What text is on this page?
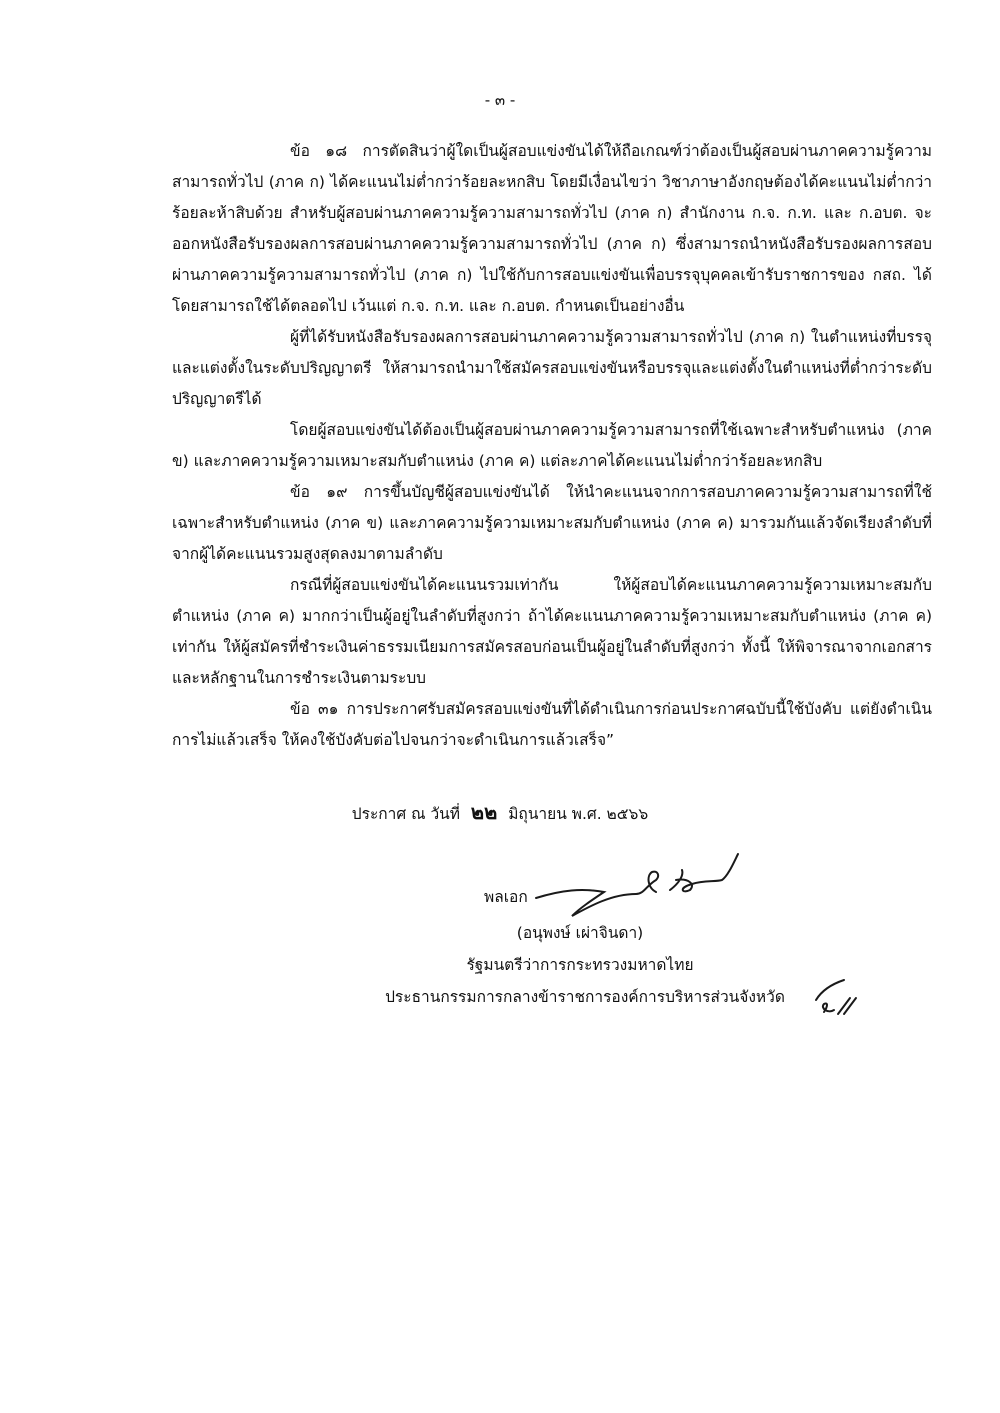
- ๓ -

ข้อ ๑๘ การตัดสินว่าผู้ใดเป็นผู้สอบแข่งขันได้ให้ถือเกณฑ์ว่าต้องเป็นผู้สอบผ่านภาคความรู้ความสามารถทั่วไป (ภาค ก) ได้คะแนนไม่ต่ำกว่าร้อยละหกสิบ โดยมีเงื่อนไขว่า วิชาภาษาอังกฤษต้องได้คะแนนไม่ต่ำกว่าร้อยละห้าสิบด้วย สำหรับผู้สอบผ่านภาคความรู้ความสามารถทั่วไป (ภาค ก) สำนักงาน ก.จ. ก.ท. และ ก.อบต. จะออกหนังสือรับรองผลการสอบผ่านภาคความรู้ความสามารถทั่วไป (ภาค ก) ซึ่งสามารถนำหนังสือรับรองผลการสอบผ่านภาคความรู้ความสามารถทั่วไป (ภาค ก) ไปใช้กับการสอบแข่งขันเพื่อบรรจุบุคคลเข้ารับราชการของ กสถ. ได้ โดยสามารถใช้ได้ตลอดไป เว้นแต่ ก.จ. ก.ท. และ ก.อบต. กำหนดเป็นอย่างอื่น

ผู้ที่ได้รับหนังสือรับรองผลการสอบผ่านภาคความรู้ความสามารถทั่วไป (ภาค ก) ในตำแหน่งที่บรรจุและแต่งตั้งในระดับปริญญาตรี ให้สามารถนำมาใช้สมัครสอบแข่งขันหรือบรรจุและแต่งตั้งในตำแหน่งที่ต่ำกว่าระดับปริญญาตรีได้

โดยผู้สอบแข่งขันได้ต้องเป็นผู้สอบผ่านภาคความรู้ความสามารถที่ใช้เฉพาะสำหรับตำแหน่ง (ภาค ข) และภาคความรู้ความเหมาะสมกับตำแหน่ง (ภาค ค) แต่ละภาคได้คะแนนไม่ต่ำกว่าร้อยละหกสิบ

ข้อ ๑๙ การขึ้นบัญชีผู้สอบแข่งขันได้ ให้นำคะแนนจากการสอบภาคความรู้ความสามารถที่ใช้เฉพาะสำหรับตำแหน่ง (ภาค ข) และภาคความรู้ความเหมาะสมกับตำแหน่ง (ภาค ค) มารวมกันแล้วจัดเรียงลำดับที่จากผู้ได้คะแนนรวมสูงสุดลงมาตามลำดับ

กรณีที่ผู้สอบแข่งขันได้คะแนนรวมเท่ากัน ให้ผู้สอบได้คะแนนภาคความรู้ความเหมาะสมกับตำแหน่ง (ภาค ค) มากกว่าเป็นผู้อยู่ในลำดับที่สูงกว่า ถ้าได้คะแนนภาคความรู้ความเหมาะสมกับตำแหน่ง (ภาค ค) เท่ากัน ให้ผู้สมัครที่ชำระเงินค่าธรรมเนียมการสมัครสอบก่อนเป็นผู้อยู่ในลำดับที่สูงกว่า ทั้งนี้ ให้พิจารณาจากเอกสารและหลักฐานในการชำระเงินตามระบบ

ข้อ ๓๑ การประกาศรับสมัครสอบแข่งขันที่ได้ดำเนินการก่อนประกาศฉบับนี้ใช้บังคับ แต่ยังดำเนินการไม่แล้วเสร็จ ให้คงใช้บังคับต่อไปจนกว่าจะดำเนินการแล้วเสร็จ”

ประกาศ ณ วันที่ ๒๒ มิถุนายน พ.ศ. ๒๕๖๖
พลเอก
(อนุพงษ์ เผ่าจินดา)
รัฐมนตรีว่าการกระทรวงมหาดไทย
ประธานกรรมการกลางข้าราชการองค์การบริหารส่วนจังหวัด
